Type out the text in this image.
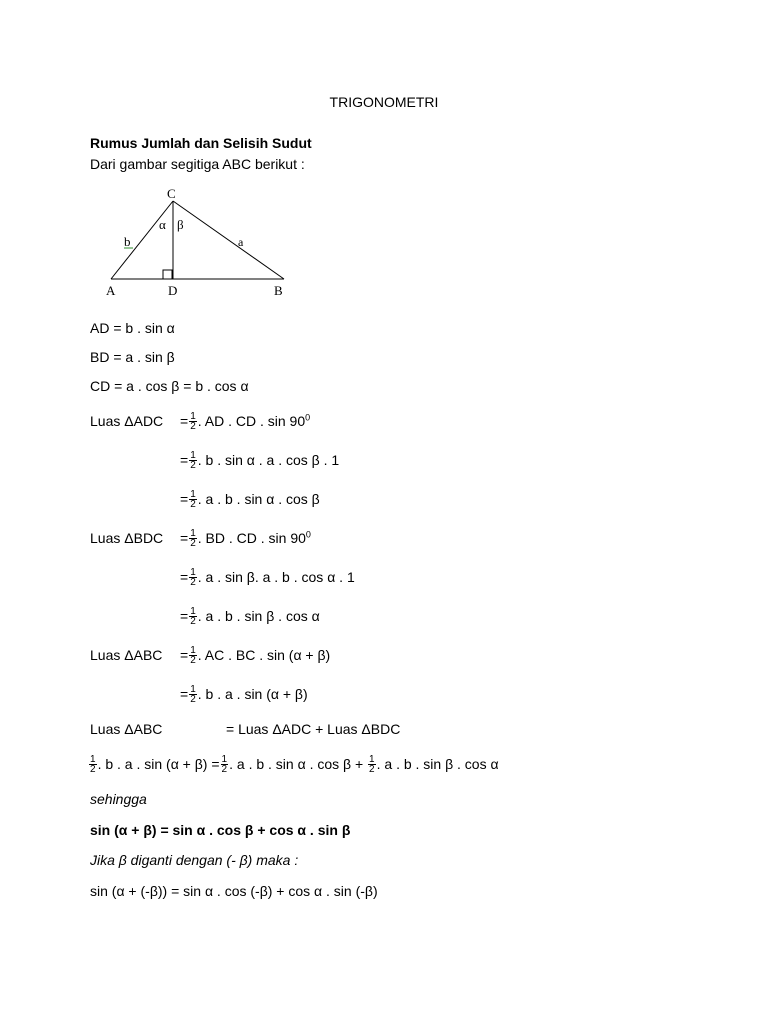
TRIGONOMETRI
Rumus Jumlah dan Selisih Sudut
Dari gambar segitiga ABC berikut :
C
A	D	B
b	a
α β
AD = b . sin α
BD = a . sin β
CD = a . cos β = b . cos α
Luas $\Delta ADC = \frac{1}{2}$ . AD . CD . $\sin 90^0$
= $\frac{1}{2}$ . b . sin α . a . cos β . 1
= $\frac{1}{2}$ . a . b . sin α . cos β
Luas $\Delta BDC = \frac{1}{2}$ . BD . CD . $\sin 90^0$
= $\frac{1}{2}$ . a . sin β. a . b . cos α . 1
= $\frac{1}{2}$ . a . b . sin β . cos α
Luas $\Delta ABC = \frac{1}{2}$ . AC . BC . sin (α + β)
= $\frac{1}{2}$ . b . a . sin (α + β)
Luas ΔABC	= Luas ΔADC + Luas ΔBDC
$\frac{1}{2}$ . b . a . $\sin (\alpha + \beta) = \frac{1}{2}$ . a . b . sin α . $\cos \beta + \frac{1}{2}$ . a . b . sin β . cos α
sehingga
sin (α + β) = sin α . cos β + cos α . sin β
Jika β diganti dengan (- β) maka :
sin (α + (-β)) = sin α . cos (-β) + cos α . sin (-β)
